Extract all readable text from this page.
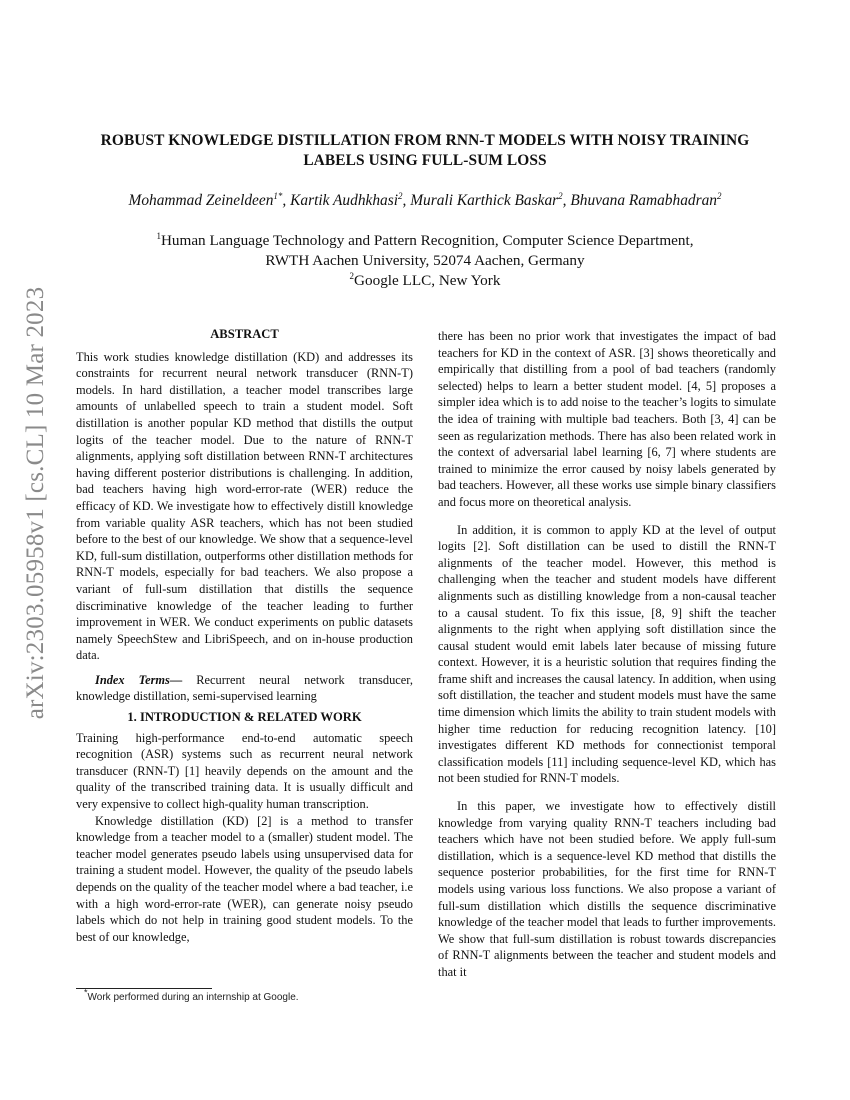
arXiv:2303.05958v1 [cs.CL] 10 Mar 2023
ROBUST KNOWLEDGE DISTILLATION FROM RNN-T MODELS WITH NOISY TRAINING LABELS USING FULL-SUM LOSS
Mohammad Zeineldeen$^{1*}$, Kartik Audhkhasi$^2$, Murali Karthick Baskar$^2$, Bhuvana Ramabhadran$^2$
$^1$Human Language Technology and Pattern Recognition, Computer Science Department,
RWTH Aachen University, 52074 Aachen, Germany
$^2$Google LLC, New York
ABSTRACT

This work studies knowledge distillation (KD) and addresses its constraints for recurrent neural network transducer (RNN-T) models. In hard distillation, a teacher model transcribes large amounts of unlabelled speech to train a student model. Soft distillation is another popular KD method that distills the output logits of the teacher model. Due to the nature of RNN-T alignments, applying soft distillation between RNN-T architectures having different posterior distributions is challenging. In addition, bad teachers having high word-error-rate (WER) reduce the efficacy of KD. We investigate how to effectively distill knowledge from variable quality ASR teachers, which has not been studied before to the best of our knowledge. We show that a sequence-level KD, full-sum distillation, outperforms other distillation methods for RNN-T models, especially for bad teachers. We also propose a variant of full-sum distillation that distills the sequence discriminative knowledge of the teacher leading to further improvement in WER. We conduct experiments on public datasets namely SpeechStew and LibriSpeech, and on in-house production data.

Index Terms— Recurrent neural network transducer, knowledge distillation, semi-supervised learning

1. INTRODUCTION & RELATED WORK

Training high-performance end-to-end automatic speech recognition (ASR) systems such as recurrent neural network transducer (RNN-T) [1] heavily depends on the amount and the quality of the transcribed training data. It is usually difficult and very expensive to collect high-quality human transcription.

Knowledge distillation (KD) [2] is a method to transfer knowledge from a teacher model to a (smaller) student model. The teacher model generates pseudo labels using unsupervised data for training a student model. However, the quality of the pseudo labels depends on the quality of the teacher model where a bad teacher, i.e with a high word-error-rate (WER), can generate noisy pseudo labels which do not help in training good student models. To the best of our knowledge,

there has been no prior work that investigates the impact of bad teachers for KD in the context of ASR. [3] shows theoretically and empirically that distilling from a pool of bad teachers (randomly selected) helps to learn a better student model. [4, 5] proposes a simpler idea which is to add noise to the teacher’s logits to simulate the idea of training with multiple bad teachers. Both [3, 4] can be seen as regularization methods. There has also been related work in the context of adversarial label learning [6, 7] where students are trained to minimize the error caused by noisy labels generated by bad teachers. However, all these works use simple binary classifiers and focus more on theoretical analysis.

In addition, it is common to apply KD at the level of output logits [2]. Soft distillation can be used to distill the RNN-T alignments of the teacher model. However, this method is challenging when the teacher and student models have different alignments such as distilling knowledge from a non-causal teacher to a causal student. To fix this issue, [8, 9] shift the teacher alignments to the right when applying soft distillation since the causal student would emit labels later because of missing future context. However, it is a heuristic solution that requires finding the frame shift and increases the causal latency. In addition, when using soft distillation, the teacher and student models must have the same time dimension which limits the ability to train student models with higher time reduction for reducing recognition latency. [10] investigates different KD methods for connectionist temporal classification models [11] including sequence-level KD, which has not been studied for RNN-T models.

In this paper, we investigate how to effectively distill knowledge from varying quality RNN-T teachers including bad teachers which have not been studied before. We apply full-sum distillation, which is a sequence-level KD method that distills the sequence posterior probabilities, for the first time for RNN-T models using various loss functions. We also propose a variant of full-sum distillation which distills the sequence discriminative knowledge of the teacher model that leads to further improvements. We show that full-sum distillation is robust towards discrepancies of RNN-T alignments between the teacher and student models and that it

*Work performed during an internship at Google.
